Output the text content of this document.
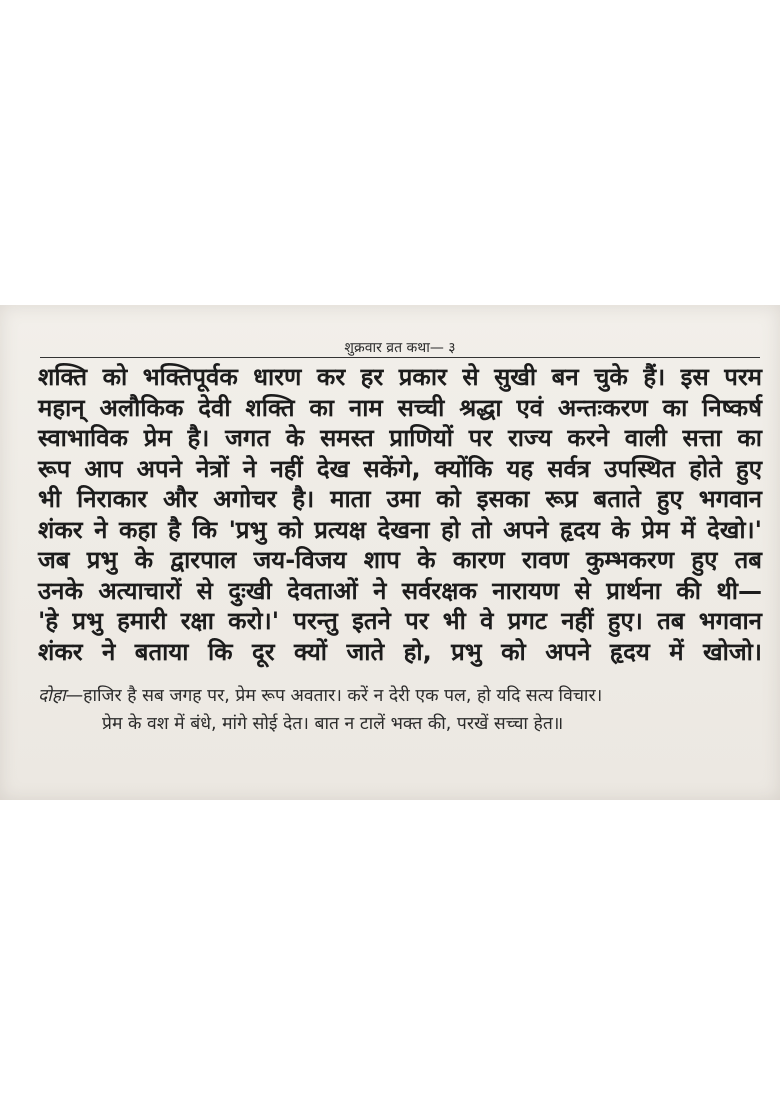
शुक्रवार व्रत कथा— ३
शक्ति को भक्तिपूर्वक धारण कर हर प्रकार से सुखी बन चुके हैं। इस परम
महान् अलौकिक देवी शक्ति का नाम सच्ची श्रद्धा एवं अन्तःकरण का निष्कर्ष
स्वाभाविक प्रेम है। जगत के समस्त प्राणियों पर राज्य करने वाली सत्ता का
रूप आप अपने नेत्रों ने नहीं देख सकेंगे, क्योंकि यह सर्वत्र उपस्थित होते हुए
भी निराकार और अगोचर है। माता उमा को इसका रूप्र बताते हुए भगवान
शंकर ने कहा है कि 'प्रभु को प्रत्यक्ष देखना हो तो अपने हृदय के प्रेम में देखो।'
जब प्रभु के द्वारपाल जय-विजय शाप के कारण रावण कुम्भकरण हुए तब
उनके अत्याचारों से दुःखी देवताओं ने सर्वरक्षक नारायण से प्रार्थना की थी—
'हे प्रभु हमारी रक्षा करो।' परन्तु इतने पर भी वे प्रगट नहीं हुए। तब भगवान
शंकर ने बताया कि दूर क्यों जाते हो, प्रभु को अपने हृदय में खोजो।
दोहा—हाजिर है सब जगह पर, प्रेम रूप अवतार। करें न देरी एक पल, हो यदि सत्य विचार।
प्रेम के वश में बंधे, मांगे सोई देत। बात न टालें भक्त की, परखें सच्चा हेत॥
